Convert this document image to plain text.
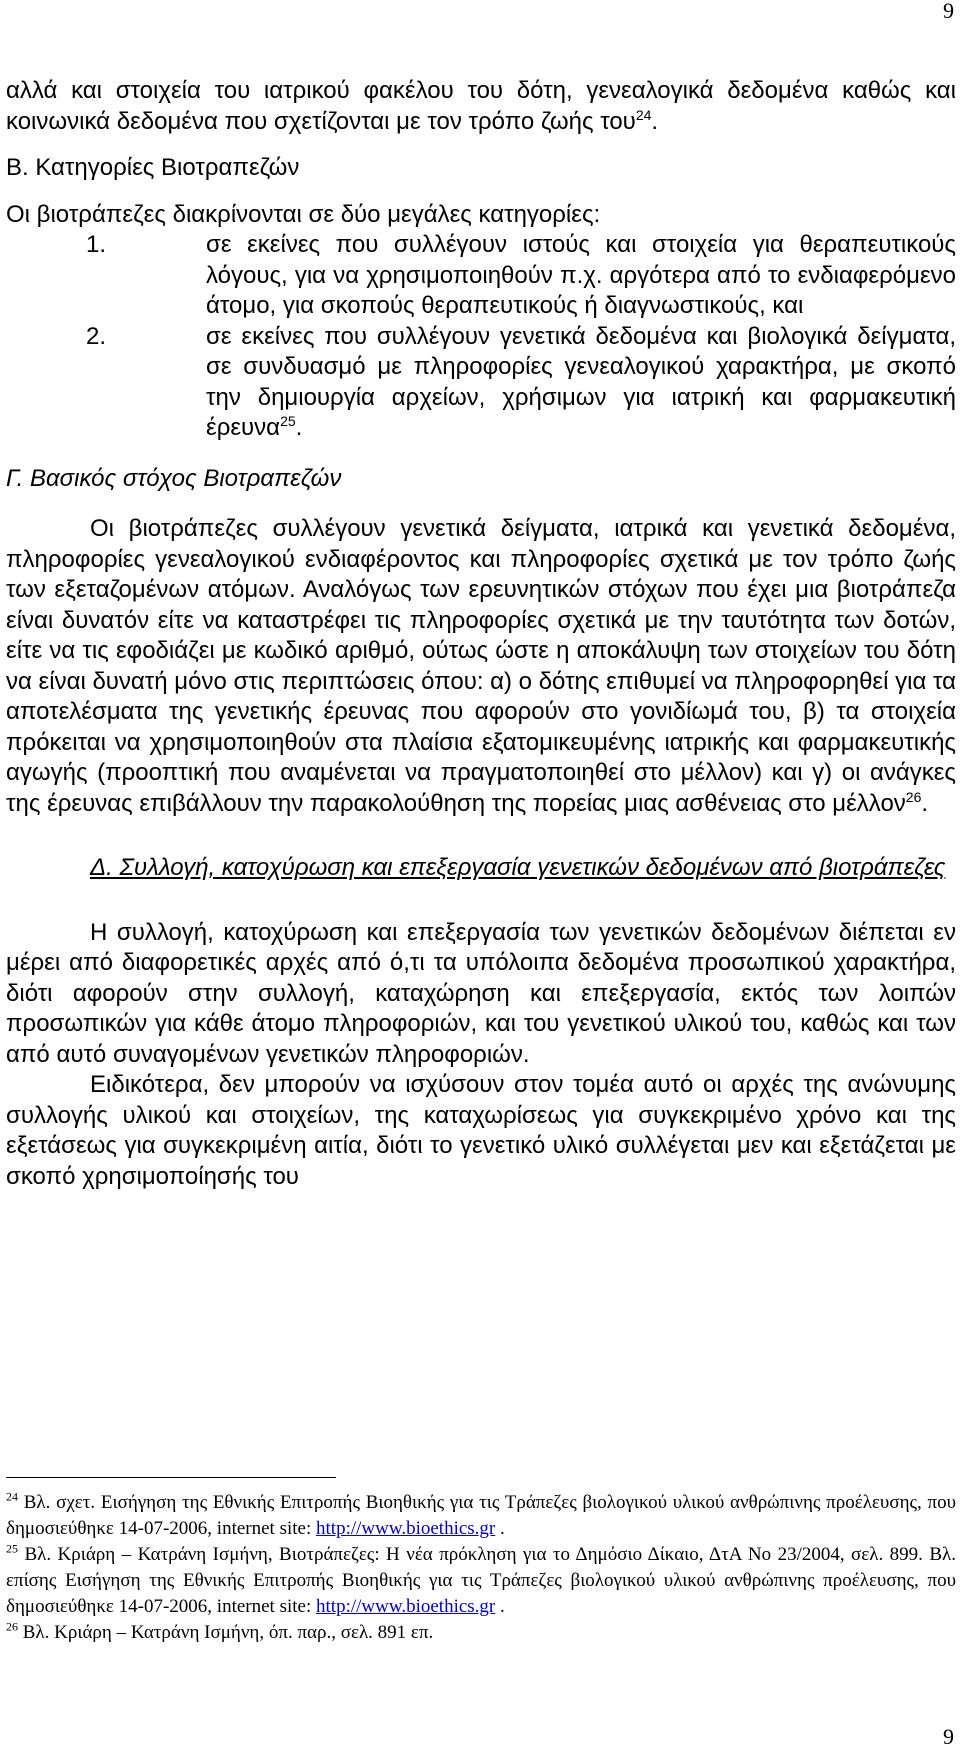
9

αλλά και στοιχεία του ιατρικού φακέλου του δότη, γενεαλογικά δεδομένα καθώς και κοινωνικά δεδομένα που σχετίζονται με τον τρόπο ζωής του$^{24}$.

Β. Κατηγορίες Βιοτραπεζών

Οι βιοτράπεζες διακρίνονται σε δύο μεγάλες κατηγορίες:

1.	σε εκείνες που συλλέγουν ιστούς και στοιχεία για θεραπευτικούς λόγους, για να χρησιμοποιηθούν π.χ. αργότερα από το ενδιαφερόμενο άτομο, για σκοπούς θεραπευτικούς ή διαγνωστικούς, και
2.	σε εκείνες που συλλέγουν γενετικά δεδομένα και βιολογικά δείγματα, σε συνδυασμό με πληροφορίες γενεαλογικού χαρακτήρα, με σκοπό την δημιουργία αρχείων, χρήσιμων για ιατρική και φαρμακευτική έρευνα$^{25}$.

Γ. Βασικός στόχος Βιοτραπεζών

Οι βιοτράπεζες συλλέγουν γενετικά δείγματα, ιατρικά και γενετικά δεδομένα, πληροφορίες γενεαλογικού ενδιαφέροντος και πληροφορίες σχετικά με τον τρόπο ζωής των εξεταζομένων ατόμων. Αναλόγως των ερευνητικών στόχων που έχει μια βιοτράπεζα είναι δυνατόν είτε να καταστρέφει τις πληροφορίες σχετικά με την ταυτότητα των δοτών, είτε να τις εφοδιάζει με κωδικό αριθμό, ούτως ώστε η αποκάλυψη των στοιχείων του δότη να είναι δυνατή μόνο στις περιπτώσεις όπου: α) ο δότης επιθυμεί να πληροφορηθεί για τα αποτελέσματα της γενετικής έρευνας που αφορούν στο γονιδίωμά του, β) τα στοιχεία πρόκειται να χρησιμοποιηθούν στα πλαίσια εξατομικευμένης ιατρικής και φαρμακευτικής αγωγής (προοπτική που αναμένεται να πραγματοποιηθεί στο μέλλον) και γ) οι ανάγκες της έρευνας επιβάλλουν την παρακολούθηση της πορείας μιας ασθένειας στο μέλλον$^{26}$.

Δ. Συλλογή, κατοχύρωση και επεξεργασία γενετικών δεδομένων από βιοτράπεζες

Η συλλογή, κατοχύρωση και επεξεργασία των γενετικών δεδομένων διέπεται εν μέρει από διαφορετικές αρχές από ό,τι τα υπόλοιπα δεδομένα προσωπικού χαρακτήρα, διότι αφορούν στην συλλογή, καταχώρηση και επεξεργασία, εκτός των λοιπών προσωπικών για κάθε άτομο πληροφοριών, και του γενετικού υλικού του, καθώς και των από αυτό συναγομένων γενετικών πληροφοριών.

Ειδικότερα, δεν μπορούν να ισχύσουν στον τομέα αυτό οι αρχές της ανώνυμης συλλογής υλικού και στοιχείων, της καταχωρίσεως για συγκεκριμένο χρόνο και της εξετάσεως για συγκεκριμένη αιτία, διότι το γενετικό υλικό συλλέγεται μεν και εξετάζεται με σκοπό χρησιμοποίησής του

$^{24}$ Βλ. σχετ. Εισήγηση της Εθνικής Επιτροπής Βιοηθικής για τις Τράπεζες βιολογικού υλικού ανθρώπινης προέλευσης, που δημοσιεύθηκε 14-07-2006, internet site: http://www.bioethics.gr .

$^{25}$ Βλ. Κριάρη – Κατράνη Ισμήνη, Βιοτράπεζες: Η νέα πρόκληση για το Δημόσιο Δίκαιο, ΔτΑ Νο 23/2004, σελ. 899. Βλ. επίσης Εισήγηση της Εθνικής Επιτροπής Βιοηθικής για τις Τράπεζες βιολογικού υλικού ανθρώπινης προέλευσης, που δημοσιεύθηκε 14-07-2006, internet site: http://www.bioethics.gr .

$^{26}$ Βλ. Κριάρη – Κατράνη Ισμήνη, όπ. παρ., σελ. 891 επ.

9
